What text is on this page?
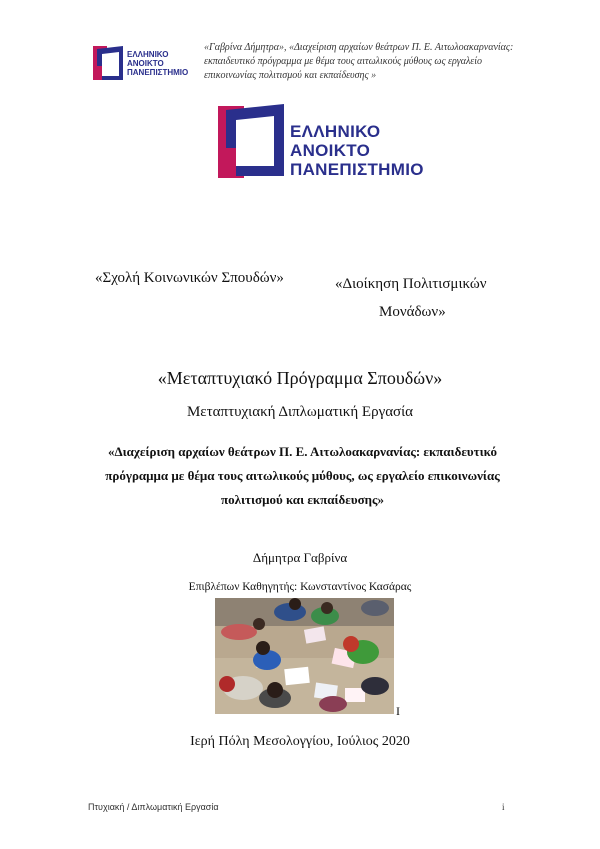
ΕΛΛΗΝΙΚΟ
ΑΝΟΙΚΤΟ
ΠΑΝΕΠΙΣΤΗΜΙΟ
«Γαβρίνα Δήμητρα», «Διαχείριση αρχαίων θεάτρων Π. Ε. Αιτωλοακαρνανίας: εκπαιδευτικό πρόγραμμα με θέμα τους αιτωλικούς μύθους ως εργαλείο επικοινωνίας πολιτισμού και εκπαίδευσης »
ΕΛΛΗΝΙΚΟ
ΑΝΟΙΚΤΟ
ΠΑΝΕΠΙΣΤΗΜΙΟ
«Σχολή Κοινωνικών Σπουδών»	«Διοίκηση Πολιτισμικών
Μονάδων»
«Μεταπτυχιακό Πρόγραμμα Σπουδών»
Μεταπτυχιακή Διπλωματική Εργασία
«Διαχείριση αρχαίων θεάτρων Π. Ε. Αιτωλοακαρνανίας: εκπαιδευτικό πρόγραμμα με θέμα τους αιτωλικούς μύθους, ως εργαλείο επικοινωνίας πολιτισμού και εκπαίδευσης»
Δήμητρα Γαβρίνα
Επιβλέπων Καθηγητής: Κωνσταντίνος Κασάρας
I
Ιερή Πόλη Μεσολογγίου, Ιούλιος 2020
Πτυχιακή / Διπλωματική Εργασία	i
